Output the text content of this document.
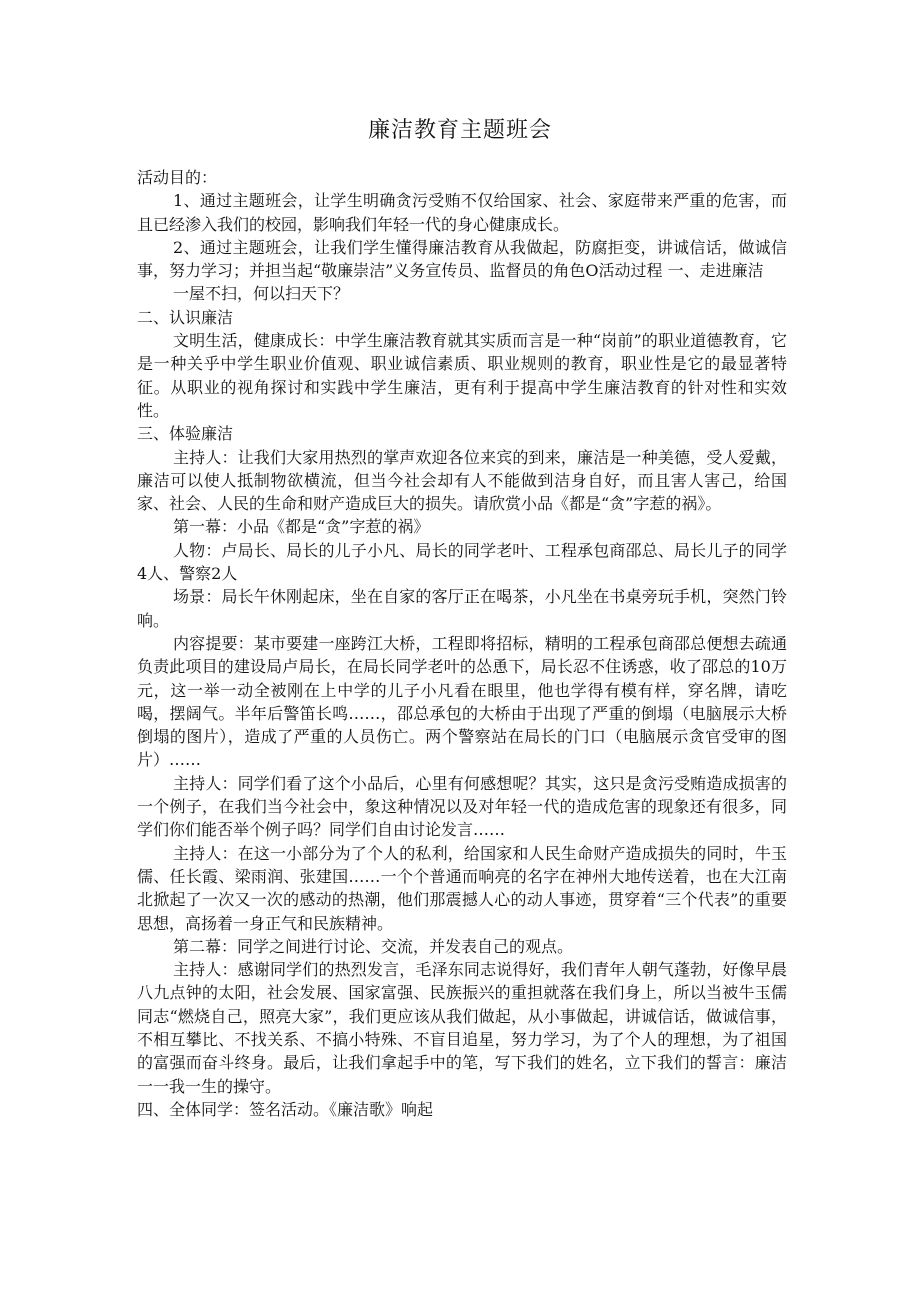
廉洁教育主题班会

活动目的：

1、通过主题班会，让学生明确贪污受贿不仅给国家、社会、家庭带来严重的危害，而且已经渗入我们的校园，影响我们年轻一代的身心健康成长。

2、通过主题班会，让我们学生懂得廉洁教育从我做起，防腐拒变，讲诚信话，做诚信事，努力学习；并担当起“敬廉崇洁”义务宣传员、监督员的角色O活动过程 一、走进廉洁

一屋不扫，何以扫天下？

二、认识廉洁

文明生活，健康成长：中学生廉洁教育就其实质而言是一种“岗前”的职业道德教育，它是一种关乎中学生职业价值观、职业诚信素质、职业规则的教育，职业性是它的最显著特征。从职业的视角探讨和实践中学生廉洁，更有利于提高中学生廉洁教育的针对性和实效性。

三、体验廉洁

主持人：让我们大家用热烈的掌声欢迎各位来宾的到来，廉洁是一种美德，受人爱戴，廉洁可以使人抵制物欲横流，但当今社会却有人不能做到洁身自好，而且害人害己，给国家、社会、人民的生命和财产造成巨大的损失。请欣赏小品《都是“贪”字惹的祸》。

第一幕：小品《都是“贪”字惹的祸》

人物：卢局长、局长的儿子小凡、局长的同学老叶、工程承包商邵总、局长儿子的同学4人、警察2人

场景：局长午休刚起床，坐在自家的客厅正在喝茶，小凡坐在书桌旁玩手机，突然门铃响。

内容提要：某市要建一座跨江大桥，工程即将招标，精明的工程承包商邵总便想去疏通负责此项目的建设局卢局长，在局长同学老叶的怂恿下，局长忍不住诱惑，收了邵总的10万元，这一举一动全被刚在上中学的儿子小凡看在眼里，他也学得有模有样，穿名牌，请吃喝，摆阔气。半年后警笛长鸣……，邵总承包的大桥由于出现了严重的倒塌（电脑展示大桥倒塌的图片），造成了严重的人员伤亡。两个警察站在局长的门口（电脑展示贪官受审的图片）……

主持人：同学们看了这个小品后，心里有何感想呢？其实，这只是贪污受贿造成损害的一个例子，在我们当今社会中，象这种情况以及对年轻一代的造成危害的现象还有很多，同学们你们能否举个例子吗？同学们自由讨论发言……

主持人：在这一小部分为了个人的私利，给国家和人民生命财产造成损失的同时，牛玉儒、任长霞、梁雨润、张建国……一个个普通而响亮的名字在神州大地传送着，也在大江南北掀起了一次又一次的感动的热潮，他们那震撼人心的动人事迹，贯穿着“三个代表”的重要思想，高扬着一身正气和民族精神。

第二幕：同学之间进行讨论、交流，并发表自己的观点。

主持人：感谢同学们的热烈发言，毛泽东同志说得好，我们青年人朝气蓬勃，好像早晨八九点钟的太阳，社会发展、国家富强、民族振兴的重担就落在我们身上，所以当被牛玉儒同志“燃烧自己，照亮大家”，我们更应该从我们做起，从小事做起，讲诚信话，做诚信事，不相互攀比、不找关系、不搞小特殊、不盲目追星，努力学习，为了个人的理想，为了祖国的富强而奋斗终身。最后，让我们拿起手中的笔，写下我们的姓名，立下我们的誓言：廉洁一一我一生的操守。

四、全体同学：签名活动。《廉洁歌》响起
